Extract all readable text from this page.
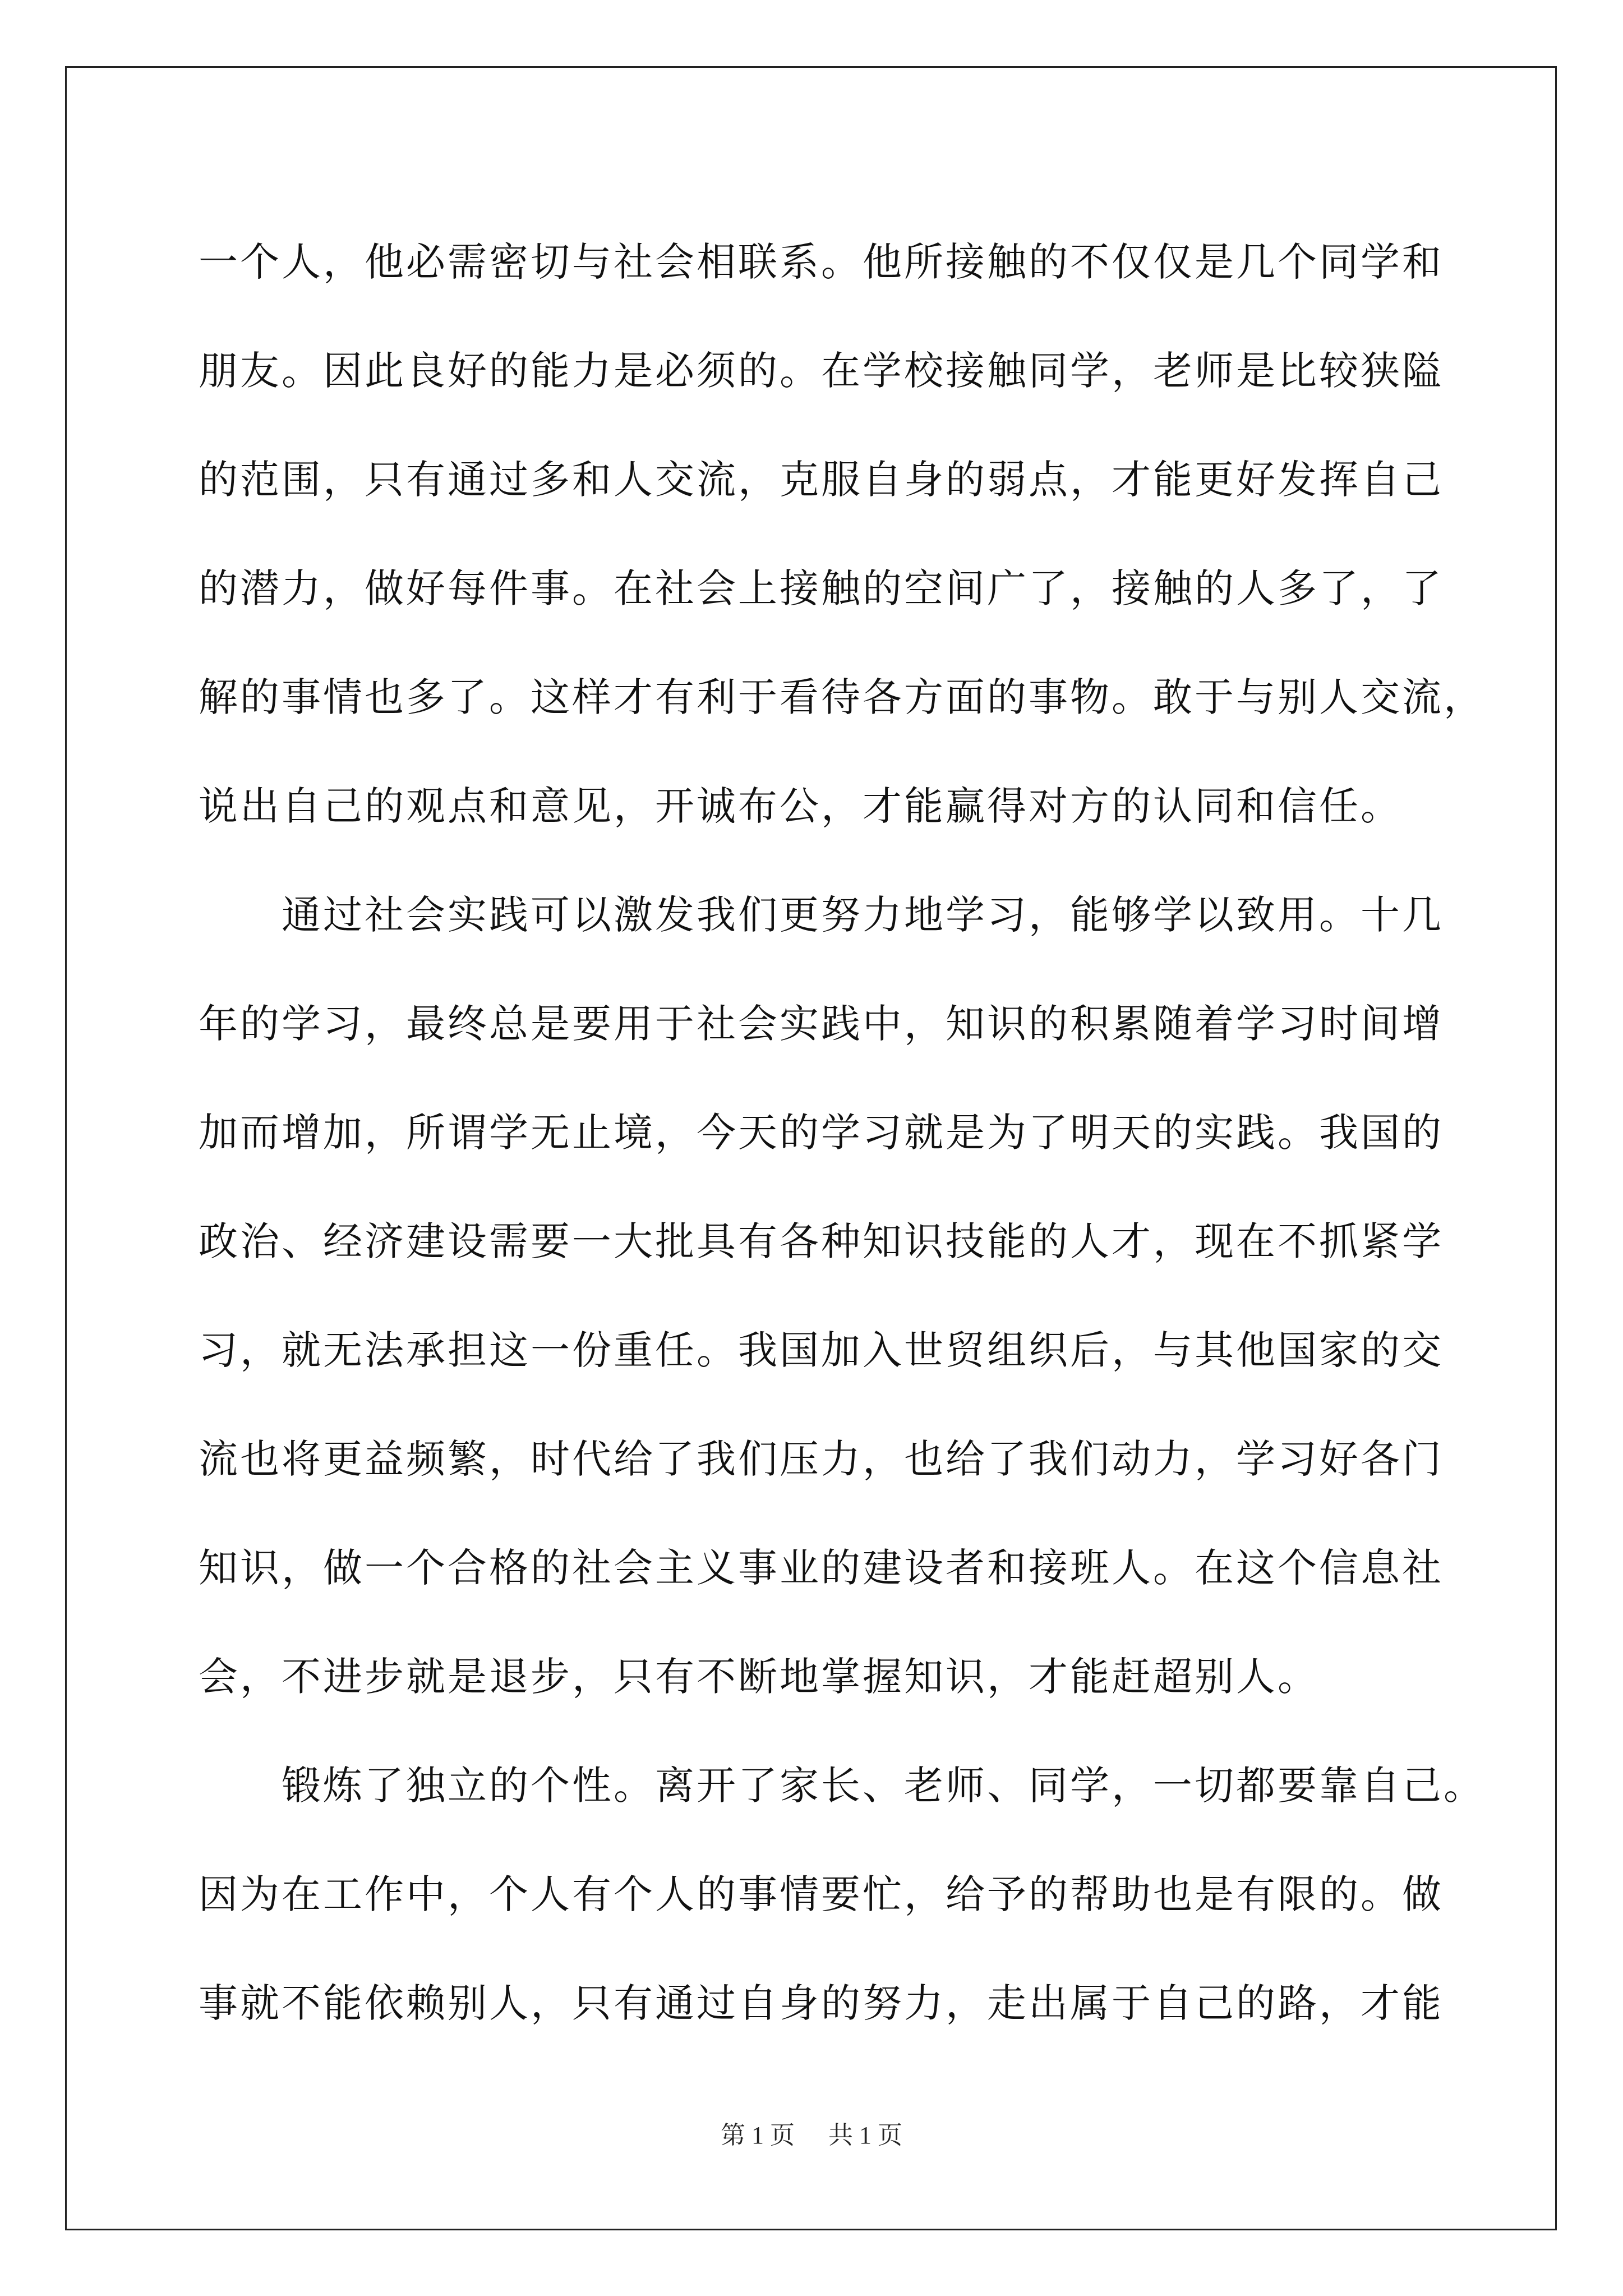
一个人，他必需密切与社会相联系。他所接触的不仅仅是几个同学和
朋友。因此良好的能力是必须的。在学校接触同学，老师是比较狭隘
的范围，只有通过多和人交流，克服自身的弱点，才能更好发挥自己
的潜力，做好每件事。在社会上接触的空间广了，接触的人多了，了
解的事情也多了。这样才有利于看待各方面的事物。敢于与别人交流，
说出自己的观点和意见，开诚布公，才能赢得对方的认同和信任。
　　通过社会实践可以激发我们更努力地学习，能够学以致用。十几
年的学习，最终总是要用于社会实践中，知识的积累随着学习时间增
加而增加，所谓学无止境，今天的学习就是为了明天的实践。我国的
政治、经济建设需要一大批具有各种知识技能的人才，现在不抓紧学
习，就无法承担这一份重任。我国加入世贸组织后，与其他国家的交
流也将更益频繁，时代给了我们压力，也给了我们动力，学习好各门
知识，做一个合格的社会主义事业的建设者和接班人。在这个信息社
会，不进步就是退步，只有不断地掌握知识，才能赶超别人。
　　锻炼了独立的个性。离开了家长、老师、同学，一切都要靠自己。
因为在工作中，个人有个人的事情要忙，给予的帮助也是有限的。做
事就不能依赖别人，只有通过自身的努力，走出属于自己的路，才能
第 1 页 共 1 页
